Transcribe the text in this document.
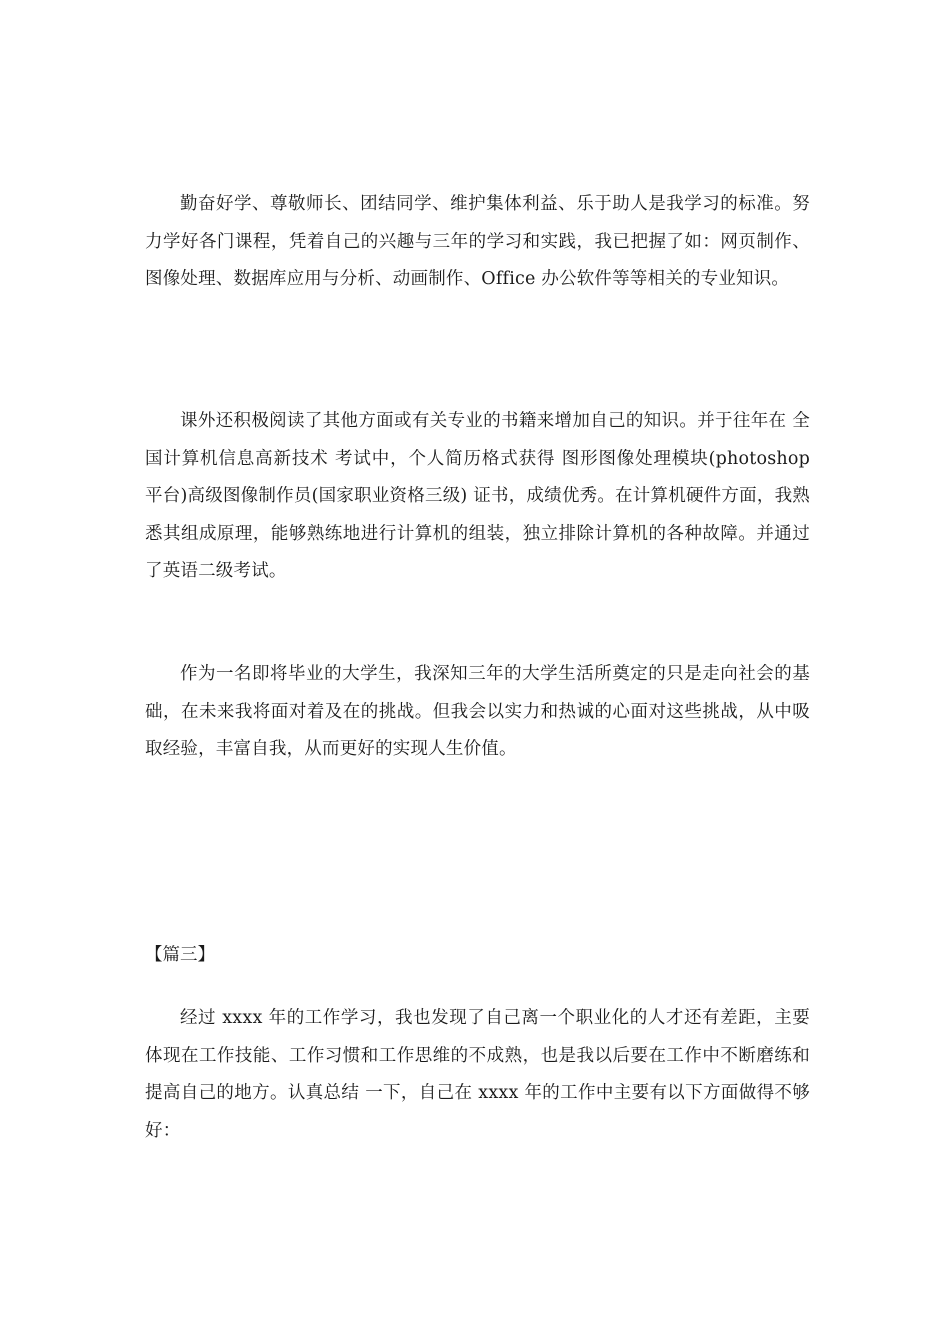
勤奋好学、尊敬师长、团结同学、维护集体利益、乐于助人是我学习的标准。努力学好各门课程，凭着自己的兴趣与三年的学习和实践，我已把握了如：网页制作、图像处理、数据库应用与分析、动画制作、Office 办公软件等等相关的专业知识。

课外还积极阅读了其他方面或有关专业的书籍来增加自己的知识。并于往年在 全国计算机信息高新技术 考试中，个人简历格式获得 图形图像处理模块(photoshop 平台)高级图像制作员(国家职业资格三级) 证书，成绩优秀。在计算机硬件方面，我熟悉其组成原理，能够熟练地进行计算机的组装，独立排除计算机的各种故障。并通过了英语二级考试。

作为一名即将毕业的大学生，我深知三年的大学生活所奠定的只是走向社会的基础，在未来我将面对着及在的挑战。但我会以实力和热诚的心面对这些挑战，从中吸取经验，丰富自我，从而更好的实现人生价值。

【篇三】

经过 xxxx 年的工作学习，我也发现了自己离一个职业化的人才还有差距，主要体现在工作技能、工作习惯和工作思维的不成熟，也是我以后要在工作中不断磨练和提高自己的地方。认真总结 一下，自己在 xxxx 年的工作中主要有以下方面做得不够好：
